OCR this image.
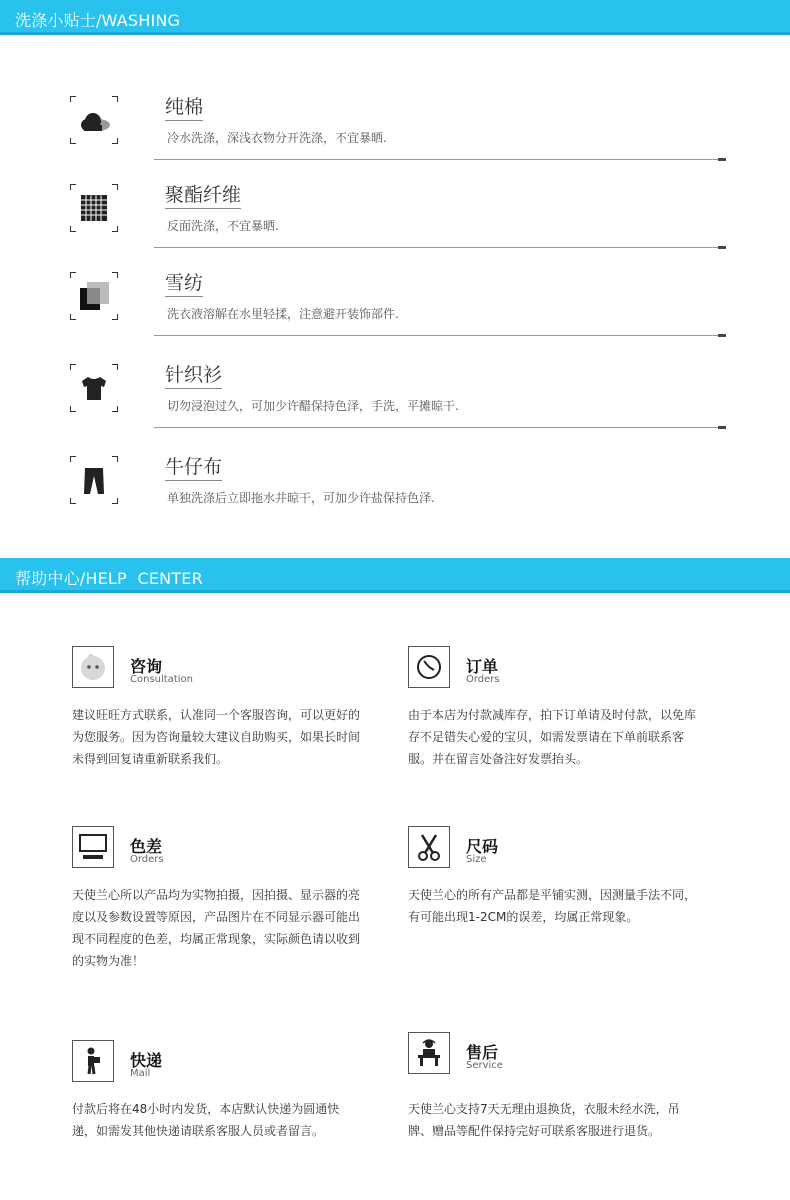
洗涤小贴士/WASHING
纯棉
冷水洗涤，深浅衣物分开洗涤，不宜暴晒.
聚酯纤维
反面洗涤，不宜暴晒.
雪纺
洗衣液溶解在水里轻揉，注意避开装饰部件.
针织衫
切勿浸泡过久，可加少许醋保持色泽，手洗，平摊晾干.
牛仔布
单独洗涤后立即拖水并晾干，可加少许盐保持色泽.
帮助中心/HELP  CENTER
咨询
Consultation
建议旺旺方式联系，认准同一个客服咨询，可以更好的为您服务。因为咨询量较大建议自助购买，如果长时间未得到回复请重新联系我们。
订单
Orders
由于本店为付款减库存，拍下订单请及时付款，以免库存不足错失心爱的宝贝，如需发票请在下单前联系客服。并在留言处备注好发票抬头。
色差
Orders
天使兰心所以产品均为实物拍摄，因拍摄、显示器的亮度以及参数设置等原因，产品图片在不同显示器可能出现不同程度的色差，均属正常现象，实际颜色请以收到的实物为准！
尺码
Size
天使兰心的所有产品都是平铺实测，因测量手法不同，有可能出现1-2CM的误差，均属正常现象。
快递
Mail
付款后将在48小时内发货，本店默认快递为圆通快递，如需发其他快递请联系客服人员或者留言。
售后
Service
天使兰心支持7天无理由退换货，衣服未经水洗，吊牌、赠品等配件保持完好可联系客服进行退货。
